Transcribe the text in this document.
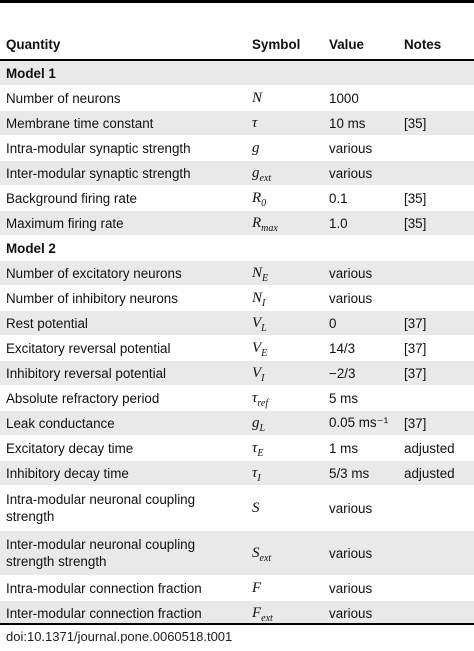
Quantity	Symbol	Value	Notes
Model 1			
Number of neurons	N	1000	
Membrane time constant	τ	10 ms	[35]
Intra-modular synaptic strength	g	various	
Inter-modular synaptic strength	$g_{ext}$	various	
Background firing rate	$R_0$	0.1	[35]
Maximum firing rate	$R_{max}$	1.0	[35]
Model 2			
Number of excitatory neurons	$N_E$	various	
Number of inhibitory neurons	$N_I$	various	
Rest potential	$V_L$	0	[37]
Excitatory reversal potential	$V_E$	14/3	[37]
Inhibitory reversal potential	$V_I$	−2/3	[37]
Absolute refractory period	$\tau_{ref}$	5 ms	
Leak conductance	$g_L$	0.05 ms⁻¹	[37]
Excitatory decay time	$\tau_E$	1 ms	adjusted
Inhibitory decay time	$\tau_I$	5/3 ms	adjusted
Intra-modular neuronal coupling strength	S	various	
Inter-modular neuronal coupling strength strength	$S_{ext}$	various	
Intra-modular connection fraction	F	various	
Inter-modular connection fraction	$F_{ext}$	various	
doi:10.1371/journal.pone.0060518.t001
